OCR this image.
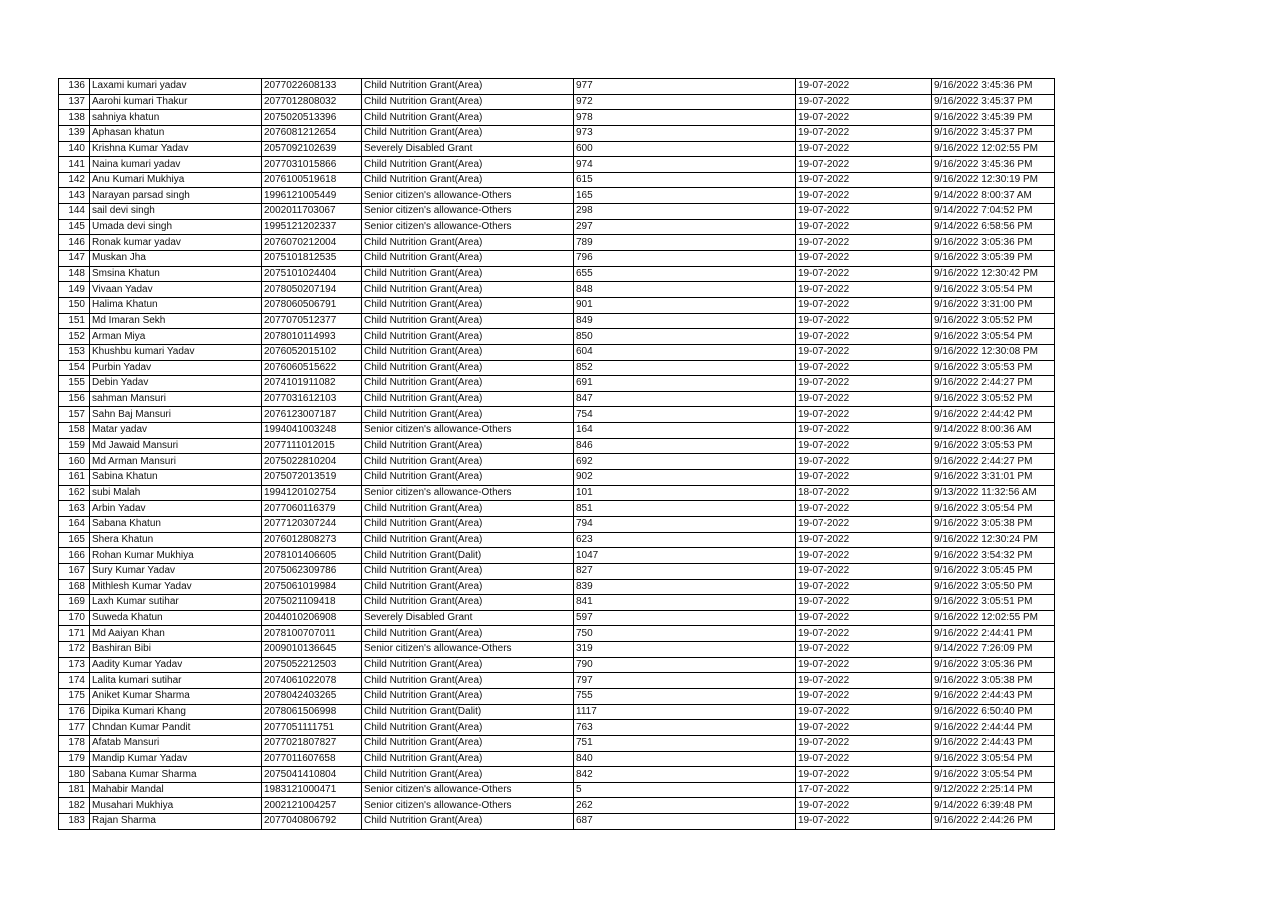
136	Laxami kumari yadav	2077022608133	Child Nutrition Grant(Area)	977	19-07-2022	9/16/2022 3:45:36 PM
137	Aarohi kumari Thakur	2077012808032	Child Nutrition Grant(Area)	972	19-07-2022	9/16/2022 3:45:37 PM
138	sahniya khatun	2075020513396	Child Nutrition Grant(Area)	978	19-07-2022	9/16/2022 3:45:39 PM
139	Aphasan khatun	2076081212654	Child Nutrition Grant(Area)	973	19-07-2022	9/16/2022 3:45:37 PM
140	Krishna Kumar Yadav	2057092102639	Severely Disabled Grant	600	19-07-2022	9/16/2022 12:02:55 PM
141	Naina kumari yadav	2077031015866	Child Nutrition Grant(Area)	974	19-07-2022	9/16/2022 3:45:36 PM
142	Anu Kumari Mukhiya	2076100519618	Child Nutrition Grant(Area)	615	19-07-2022	9/16/2022 12:30:19 PM
143	Narayan parsad singh	1996121005449	Senior citizen's allowance-Others	165	19-07-2022	9/14/2022 8:00:37 AM
144	sail devi singh	2002011703067	Senior citizen's allowance-Others	298	19-07-2022	9/14/2022 7:04:52 PM
145	Umada devi singh	1995121202337	Senior citizen's allowance-Others	297	19-07-2022	9/14/2022 6:58:56 PM
146	Ronak kumar yadav	2076070212004	Child Nutrition Grant(Area)	789	19-07-2022	9/16/2022 3:05:36 PM
147	Muskan Jha	2075101812535	Child Nutrition Grant(Area)	796	19-07-2022	9/16/2022 3:05:39 PM
148	Smsina Khatun	2075101024404	Child Nutrition Grant(Area)	655	19-07-2022	9/16/2022 12:30:42 PM
149	Vivaan Yadav	2078050207194	Child Nutrition Grant(Area)	848	19-07-2022	9/16/2022 3:05:54 PM
150	Halima Khatun	2078060506791	Child Nutrition Grant(Area)	901	19-07-2022	9/16/2022 3:31:00 PM
151	Md Imaran Sekh	2077070512377	Child Nutrition Grant(Area)	849	19-07-2022	9/16/2022 3:05:52 PM
152	Arman Miya	2078010114993	Child Nutrition Grant(Area)	850	19-07-2022	9/16/2022 3:05:54 PM
153	Khushbu kumari Yadav	2076052015102	Child Nutrition Grant(Area)	604	19-07-2022	9/16/2022 12:30:08 PM
154	Purbin Yadav	2076060515622	Child Nutrition Grant(Area)	852	19-07-2022	9/16/2022 3:05:53 PM
155	Debin Yadav	2074101911082	Child Nutrition Grant(Area)	691	19-07-2022	9/16/2022 2:44:27 PM
156	sahman Mansuri	2077031612103	Child Nutrition Grant(Area)	847	19-07-2022	9/16/2022 3:05:52 PM
157	Sahn Baj Mansuri	2076123007187	Child Nutrition Grant(Area)	754	19-07-2022	9/16/2022 2:44:42 PM
158	Matar yadav	1994041003248	Senior citizen's allowance-Others	164	19-07-2022	9/14/2022 8:00:36 AM
159	Md Jawaid Mansuri	2077111012015	Child Nutrition Grant(Area)	846	19-07-2022	9/16/2022 3:05:53 PM
160	Md Arman Mansuri	2075022810204	Child Nutrition Grant(Area)	692	19-07-2022	9/16/2022 2:44:27 PM
161	Sabina Khatun	2075072013519	Child Nutrition Grant(Area)	902	19-07-2022	9/16/2022 3:31:01 PM
162	subi Malah	1994120102754	Senior citizen's allowance-Others	101	18-07-2022	9/13/2022 11:32:56 AM
163	Arbin Yadav	2077060116379	Child Nutrition Grant(Area)	851	19-07-2022	9/16/2022 3:05:54 PM
164	Sabana Khatun	2077120307244	Child Nutrition Grant(Area)	794	19-07-2022	9/16/2022 3:05:38 PM
165	Shera Khatun	2076012808273	Child Nutrition Grant(Area)	623	19-07-2022	9/16/2022 12:30:24 PM
166	Rohan Kumar Mukhiya	2078101406605	Child Nutrition Grant(Dalit)	1047	19-07-2022	9/16/2022 3:54:32 PM
167	Sury Kumar Yadav	2075062309786	Child Nutrition Grant(Area)	827	19-07-2022	9/16/2022 3:05:45 PM
168	Mithlesh Kumar Yadav	2075061019984	Child Nutrition Grant(Area)	839	19-07-2022	9/16/2022 3:05:50 PM
169	Laxh Kumar sutihar	2075021109418	Child Nutrition Grant(Area)	841	19-07-2022	9/16/2022 3:05:51 PM
170	Suweda Khatun	2044010206908	Severely Disabled Grant	597	19-07-2022	9/16/2022 12:02:55 PM
171	Md Aaiyan Khan	2078100707011	Child Nutrition Grant(Area)	750	19-07-2022	9/16/2022 2:44:41 PM
172	Bashiran Bibi	2009010136645	Senior citizen's allowance-Others	319	19-07-2022	9/14/2022 7:26:09 PM
173	Aadity Kumar Yadav	2075052212503	Child Nutrition Grant(Area)	790	19-07-2022	9/16/2022 3:05:36 PM
174	Lalita kumari sutihar	2074061022078	Child Nutrition Grant(Area)	797	19-07-2022	9/16/2022 3:05:38 PM
175	Aniket Kumar Sharma	2078042403265	Child Nutrition Grant(Area)	755	19-07-2022	9/16/2022 2:44:43 PM
176	Dipika Kumari Khang	2078061506998	Child Nutrition Grant(Dalit)	1117	19-07-2022	9/16/2022 6:50:40 PM
177	Chndan Kumar Pandit	2077051111751	Child Nutrition Grant(Area)	763	19-07-2022	9/16/2022 2:44:44 PM
178	Afatab Mansuri	2077021807827	Child Nutrition Grant(Area)	751	19-07-2022	9/16/2022 2:44:43 PM
179	Mandip Kumar Yadav	2077011607658	Child Nutrition Grant(Area)	840	19-07-2022	9/16/2022 3:05:54 PM
180	Sabana Kumar Sharma	2075041410804	Child Nutrition Grant(Area)	842	19-07-2022	9/16/2022 3:05:54 PM
181	Mahabir Mandal	1983121000471	Senior citizen's allowance-Others	5	17-07-2022	9/12/2022 2:25:14 PM
182	Musahari Mukhiya	2002121004257	Senior citizen's allowance-Others	262	19-07-2022	9/14/2022 6:39:48 PM
183	Rajan Sharma	2077040806792	Child Nutrition Grant(Area)	687	19-07-2022	9/16/2022 2:44:26 PM
